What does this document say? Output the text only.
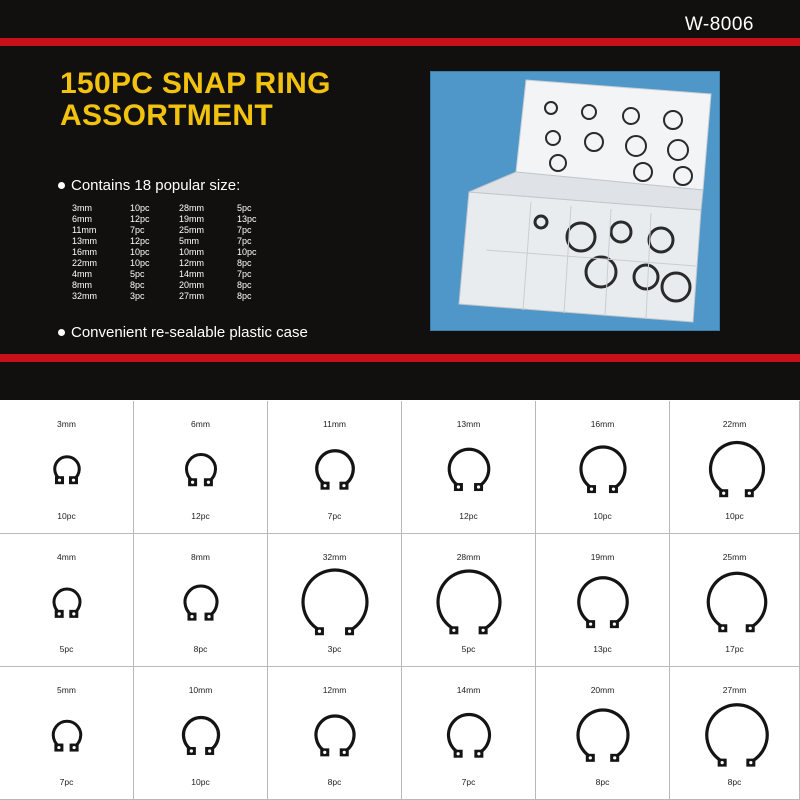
W-8006
150PC SNAP RING
ASSORTMENT
Contains 18 popular size:
3mm	10pc	28mm	5pc
6mm	12pc	19mm	13pc
11mm	7pc	25mm	7pc
13mm	12pc	5mm	7pc
16mm	10pc	10mm	10pc
22mm	10pc	12mm	8pc
4mm	5pc	14mm	7pc
8mm	8pc	20mm	8pc
32mm	3pc	27mm	8pc
Convenient re-sealable plastic case
3mm
10pc
6mm
12pc
11mm
7pc
13mm
12pc
16mm
10pc
22mm
10pc
4mm
5pc
8mm
8pc
32mm
3pc
28mm
5pc
19mm
13pc
25mm
17pc
5mm
7pc
10mm
10pc
12mm
8pc
14mm
7pc
20mm
8pc
27mm
8pc
